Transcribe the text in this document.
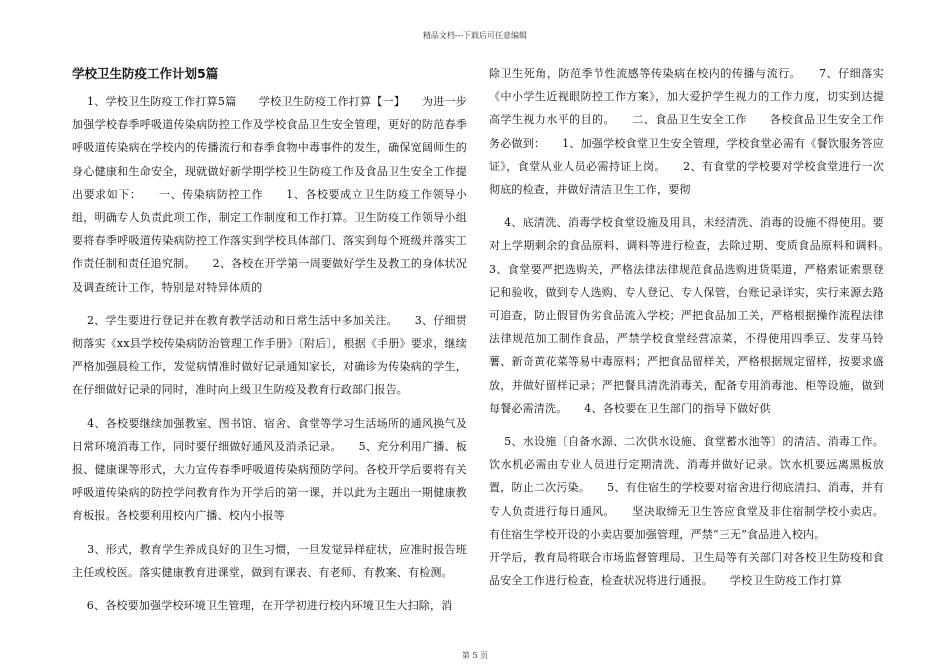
精品文档---下载后可任意编辑
学校卫生防疫工作计划5篇

1、学校卫生防疫工作打算5篇　　学校卫生防疫工作打算【一】　　为进一步加强学校春季呼吸道传染病防控工作及学校食品卫生安全管理，更好的防范春季呼吸道传染病在学校内的传播流行和春季食物中毒事件的发生，确保宽阔师生的身心健康和生命安全，现就做好新学期学校卫生防疫工作及食品卫生安全工作提出要求如下：　　一、传染病防控工作　　1、各校要成立卫生防疫工作领导小组，明确专人负责此项工作，制定工作制度和工作打算。卫生防疫工作领导小组要将春季呼吸道传染病防控工作落实到学校具体部门、落实到每个班级并落实工作责任制和责任追究制。　　2、各校在开学第一周要做好学生及教工的身体状况及调查统计工作，特别是对特异体质的

2、学生要进行登记并在教育教学活动和日常生活中多加关注。　　3、仔细贯彻落实《xx县学校传染病防治管理工作手册》〔附后〕，根据《手册》要求，继续严格加强晨检工作，发觉病情准时做好记录通知家长，对确诊为传染病的学生，在仔细做好记录的同时，准时向上级卫生防疫及教育行政部门报告。

4、各校要继续加强教室、图书馆、宿舍、食堂等学习生活场所的通风换气及日常环境消毒工作，同时要仔细做好通风及消杀记录。　　5、充分利用广播、板报、健康课等形式，大力宣传春季呼吸道传染病预防学问。各校开学后要将有关呼吸道传染病的防控学问教育作为开学后的第一课，并以此为主题出一期健康教育板报。各校要利用校内广播、校内小报等

3、形式，教育学生养成良好的卫生习惯，一旦发觉异样症状，应准时报告班主任或校医。落实健康教育进课堂，做到有课表、有老师、有教案、有检测。

6、各校要加强学校环境卫生管理，在开学初进行校内环境卫生大扫除，消

除卫生死角，防范季节性流感等传染病在校内的传播与流行。　　7、仔细落实《中小学生近视眼防控工作方案》，加大爱护学生视力的工作力度，切实到达提高学生视力水平的目的。　　二、食品卫生安全工作　　各校食品卫生安全工作务必做到：　　1、加强学校食堂卫生安全管理，学校食堂必需有《餐饮服务答应证》，食堂从业人员必需持证上岗。　　2、有食堂的学校要对学校食堂进行一次彻底的检查，并做好清洁卫生工作，要彻

4、底清洗、消毒学校食堂设施及用具，未经清洗、消毒的设施不得使用。要对上学期剩余的食品原料、调料等进行检查，去除过期、变质食品原料和调料。　　3、食堂要严把选购关，严格法律法律规范食品选购进货渠道，严格索证索票登记和验收，做到专人选购、专人登记、专人保管，台账记录详实，实行来源去路可追查，防止假冒伪劣食品流入学校；严把食品加工关，严格根据操作流程法律法律规范加工制作食品，严禁学校食堂经营凉菜，不得使用四季豆、发芽马铃薯、新奇黄花菜等易中毒原料；严把食品留样关，严格根据规定留样，按要求盛放，并做好留样记录；严把餐具清洗消毒关，配备专用消毒池、柜等设施，做到每餐必需清洗。　　4、各校要在卫生部门的指导下做好供

5、水设施〔自备水源、二次供水设施、食堂蓄水池等〕的清洁、消毒工作。饮水机必需由专业人员进行定期清洗、消毒并做好记录。饮水机要远离黑板放置，防止二次污染。　　5、有住宿生的学校要对宿舍进行彻底清扫、消毒，并有专人负责进行每日通风。　　坚决取缔无卫生答应食堂及非住宿制学校小卖店。有住宿生学校开设的小卖店要加强管理，严禁“三无”食品进入校内。

开学后，教育局将联合市场监督管理局、卫生局等有关部门对各校卫生防疫和食品安全工作进行检查，检查状况将进行通报。　　学校卫生防疫工作打算

第 5 页
